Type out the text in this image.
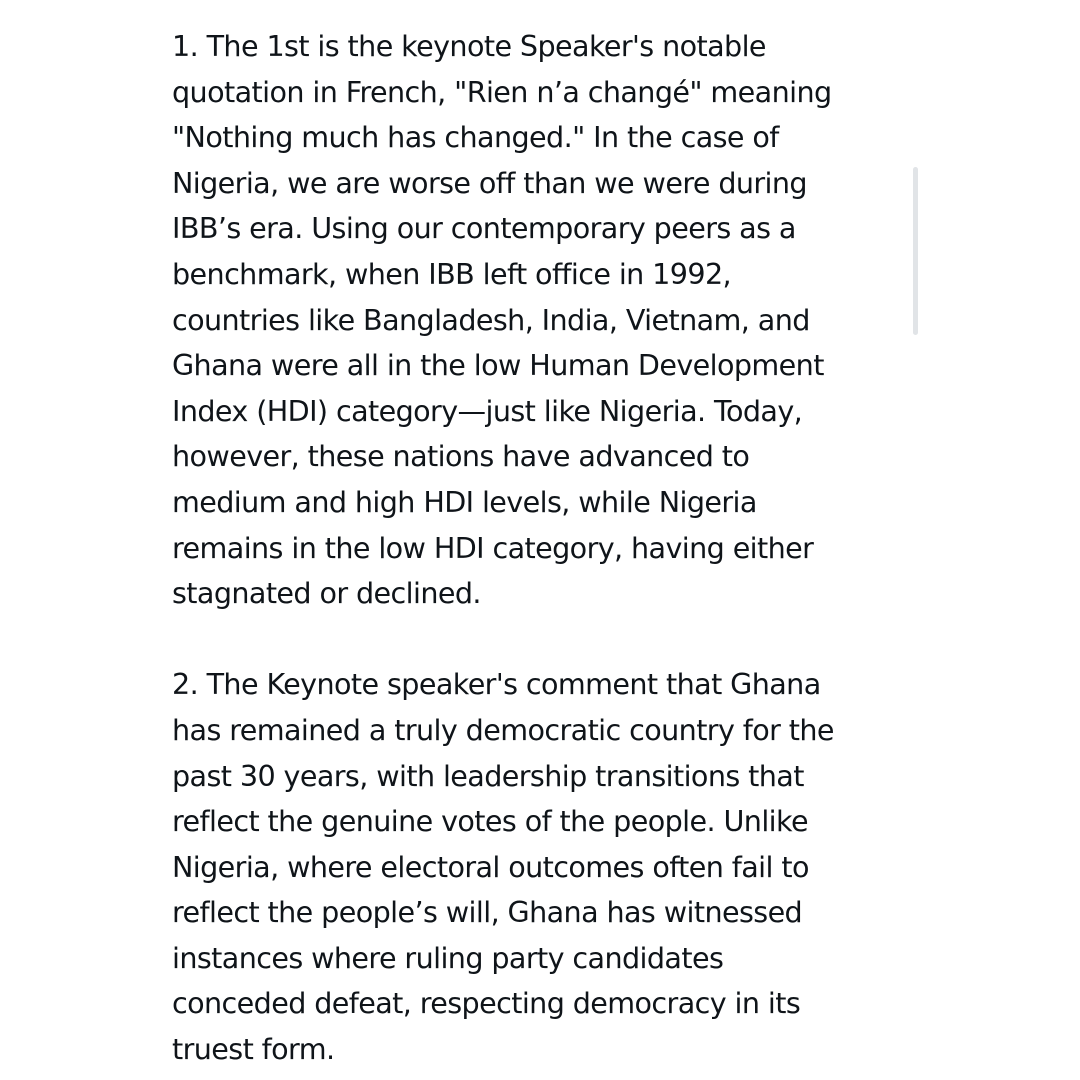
1. The 1st is the keynote Speaker's notable
quotation in French, "Rien n’a changé" meaning
"Nothing much has changed." In the case of
Nigeria, we are worse off than we were during
IBB’s era. Using our contemporary peers as a
benchmark, when IBB left office in 1992,
countries like Bangladesh, India, Vietnam, and
Ghana were all in the low Human Development
Index (HDI) category—just like Nigeria. Today,
however, these nations have advanced to
medium and high HDI levels, while Nigeria
remains in the low HDI category, having either
stagnated or declined.

2. The Keynote speaker's comment that Ghana
has remained a truly democratic country for the
past 30 years, with leadership transitions that
reflect the genuine votes of the people. Unlike
Nigeria, where electoral outcomes often fail to
reflect the people’s will, Ghana has witnessed
instances where ruling party candidates
conceded defeat, respecting democracy in its
truest form.
